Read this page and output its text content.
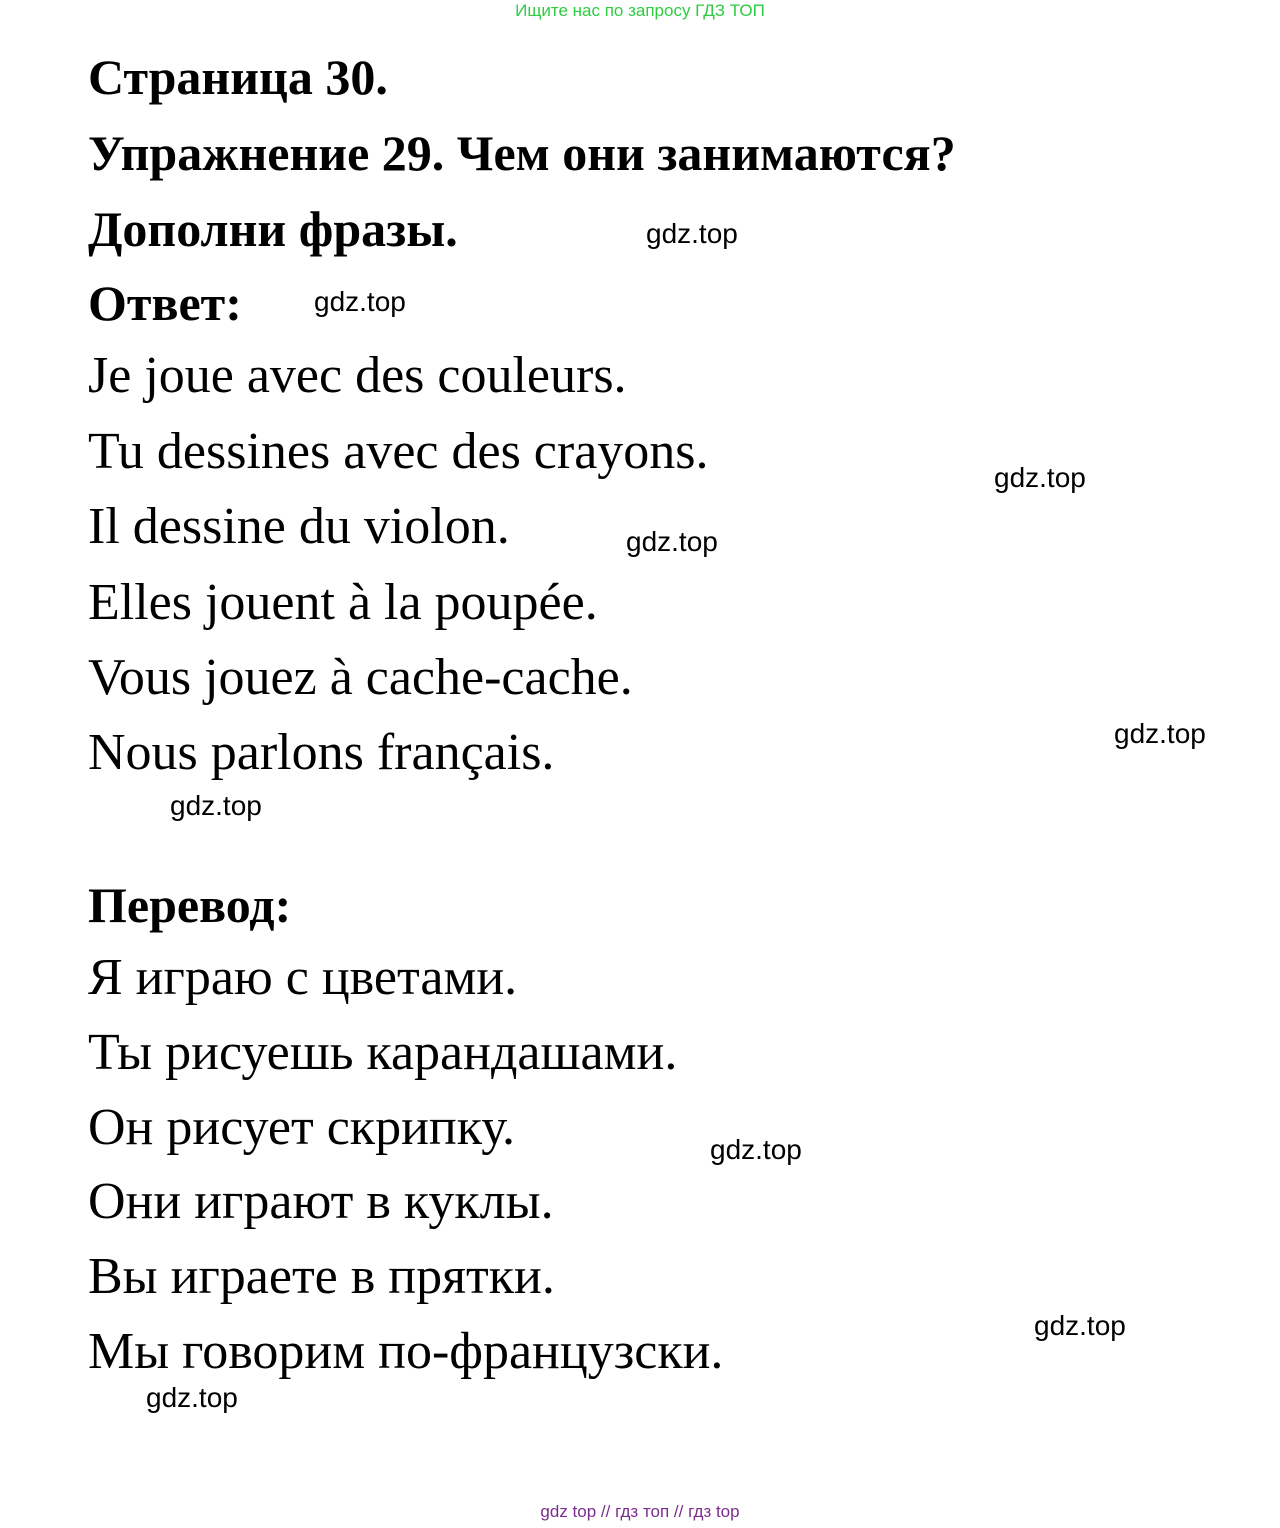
Ищите нас по запросу ГДЗ ТОП
Страница 30.
Упражнение 29. Чем они занимаются?
Дополни фразы.
Ответ:
Je joue avec des couleurs.
Tu dessines avec des crayons.
Il dessine du violon.
Elles jouent à la poupée.
Vous jouez à cache-cache.
Nous parlons français.
Перевод:
Я играю с цветами.
Ты рисуешь карандашами.
Он рисует скрипку.
Они играют в куклы.
Вы играете в прятки.
Мы говорим по-французски.
gdz.top
gdz.top
gdz.top
gdz.top
gdz.top
gdz.top
gdz.top
gdz.top
gdz.top
gdz top // гдз топ // гдз top
